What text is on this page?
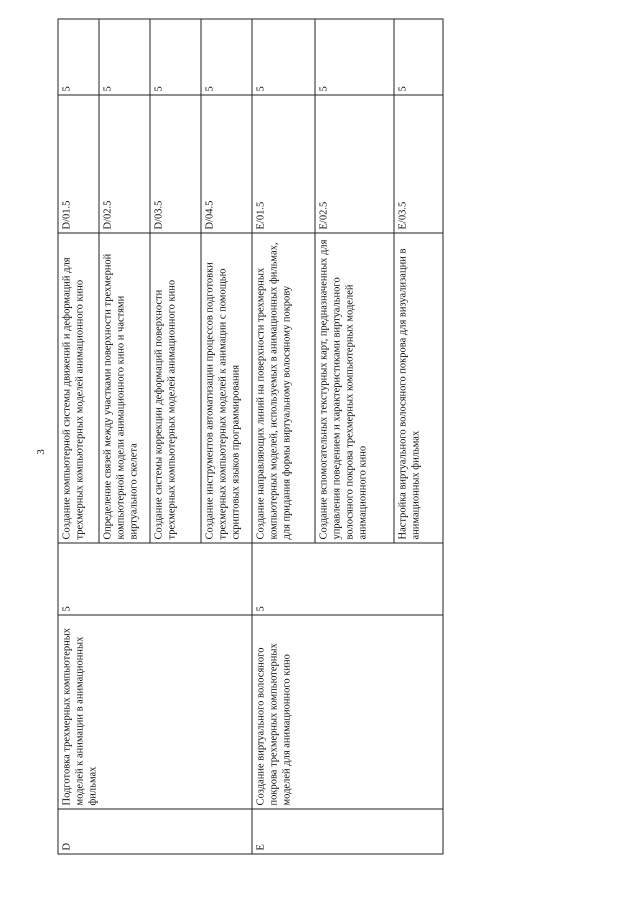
3
D	Подготовка трехмерных компьютерных моделей к анимации в анимационных фильмах	5	Создание компьютерной системы движений и деформаций для трехмерных компьютерных моделей анимационного кино	D/01.5	5
			Определение связей между участками поверхности трехмерной компьютерной модели анимационного кино и частями виртуального скелета	D/02.5	5
			Создание системы коррекции деформаций поверхности трехмерных компьютерных моделей анимационного кино	D/03.5	5
			Создание инструментов автоматизации процессов подготовки трехмерных компьютерных моделей к анимации с помощью скриптовых языков программирования	D/04.5	5
E	Создание виртуального волосяного покрова трехмерных компьютерных моделей для анимационного кино	5	Создание направляющих линий на поверхности трехмерных компьютерных моделей, используемых в анимационных фильмах, для придания формы виртуальному волосяному покрову	E/01.5	5
			Создание вспомогательных текстурных карт, предназначенных для управления поведением и характеристиками виртуального волосяного покрова трехмерных компьютерных моделей анимационного кино	E/02.5	5
			Настройка виртуального волосяного покрова для визуализации в анимационных фильмах	E/03.5	5
